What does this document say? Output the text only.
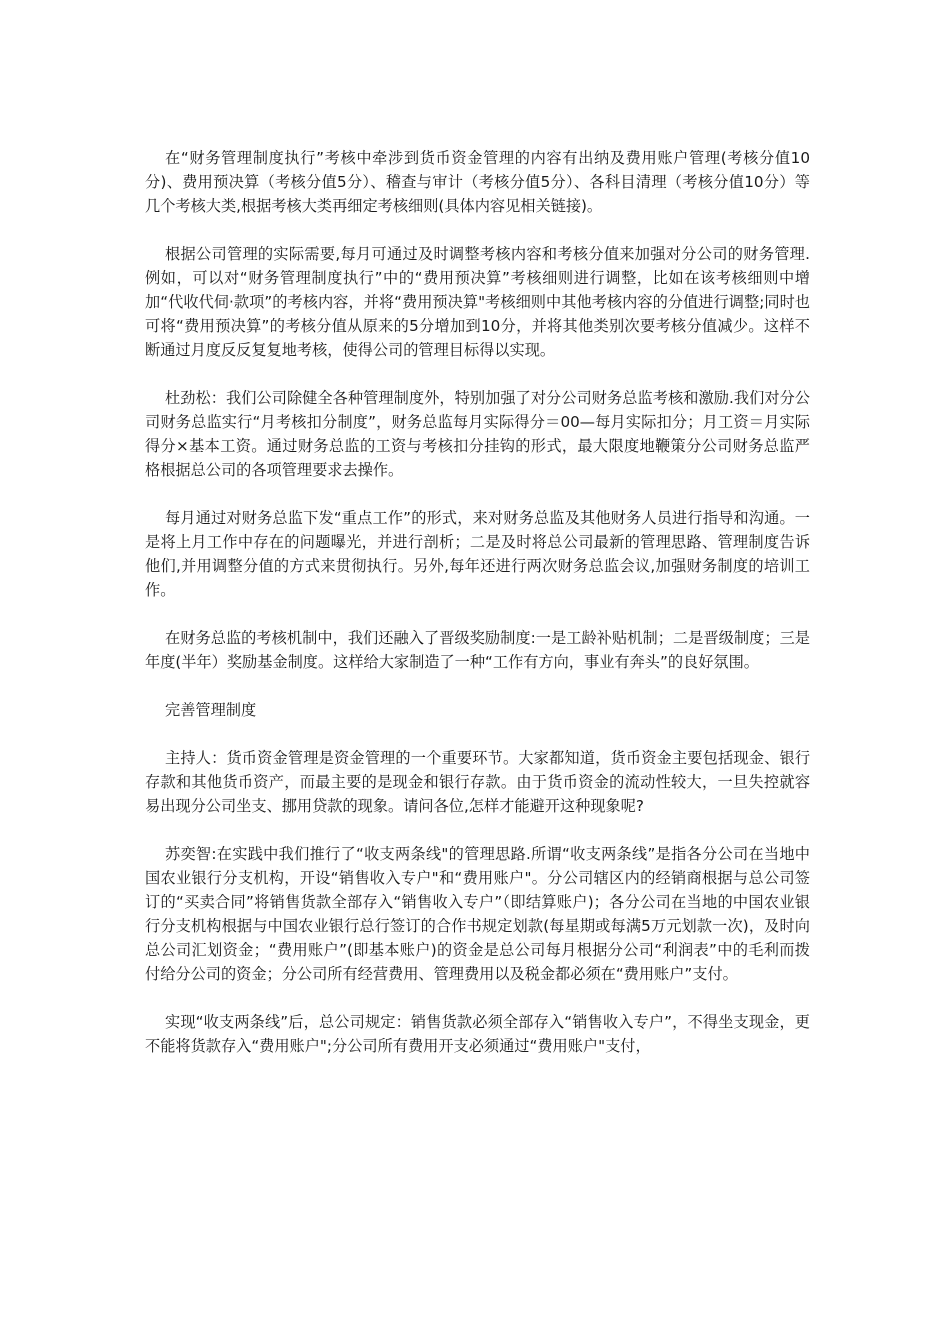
在“财务管理制度执行”考核中牵涉到货币资金管理的内容有出纳及费用账户管理(考核分值10分)、费用预决算（考核分值5分）、稽查与审计（考核分值5分）、各科目清理（考核分值10分）等几个考核大类,根据考核大类再细定考核细则(具体内容见相关链接)。

根据公司管理的实际需要,每月可通过及时调整考核内容和考核分值来加强对分公司的财务管理.例如，可以对“财务管理制度执行”中的“费用预决算”考核细则进行调整，比如在该考核细则中增加“代收代伺·款项”的考核内容，并将“费用预决算"考核细则中其他考核内容的分值进行调整;同时也可将“费用预决算”的考核分值从原来的5分增加到10分，并将其他类别次要考核分值减少。这样不断通过月度反反复复地考核，使得公司的管理目标得以实现。

杜劲松：我们公司除健全各种管理制度外，特别加强了对分公司财务总监考核和激励.我们对分公司财务总监实行“月考核扣分制度”，财务总监每月实际得分＝00—每月实际扣分；月工资＝月实际得分×基本工资。通过财务总监的工资与考核扣分挂钩的形式，最大限度地鞭策分公司财务总监严格根据总公司的各项管理要求去操作。

每月通过对财务总监下发“重点工作”的形式，来对财务总监及其他财务人员进行指导和沟通。一是将上月工作中存在的问题曝光，并进行剖析；二是及时将总公司最新的管理思路、管理制度告诉他们,并用调整分值的方式来贯彻执行。另外,每年还进行两次财务总监会议,加强财务制度的培训工作。

在财务总监的考核机制中，我们还融入了晋级奖励制度:一是工龄补贴机制；二是晋级制度；三是年度(半年）奖励基金制度。这样给大家制造了一种“工作有方向，事业有奔头”的良好氛围。

完善管理制度

主持人：货币资金管理是资金管理的一个重要环节。大家都知道，货币资金主要包括现金、银行存款和其他货币资产，而最主要的是现金和银行存款。由于货币资金的流动性较大，一旦失控就容易出现分公司坐支、挪用贷款的现象。请问各位,怎样才能避开这种现象呢?

苏奕智:在实践中我们推行了“收支两条线"的管理思路.所谓“收支两条线”是指各分公司在当地中国农业银行分支机构，开设“销售收入专户"和“费用账户"。分公司辖区内的经销商根据与总公司签订的“买卖合同”将销售货款全部存入“销售收入专户”（即结算账户)；各分公司在当地的中国农业银行分支机构根据与中国农业银行总行签订的合作书规定划款(每星期或每满5万元划款一次)，及时向总公司汇划资金；“费用账户”(即基本账户)的资金是总公司每月根据分公司“利润表”中的毛利而拨付给分公司的资金；分公司所有经营费用、管理费用以及税金都必须在“费用账户”支付。

实现“收支两条线”后，总公司规定：销售货款必须全部存入“销售收入专户”，不得坐支现金，更不能将货款存入“费用账户";分公司所有费用开支必须通过“费用账户"支付，
